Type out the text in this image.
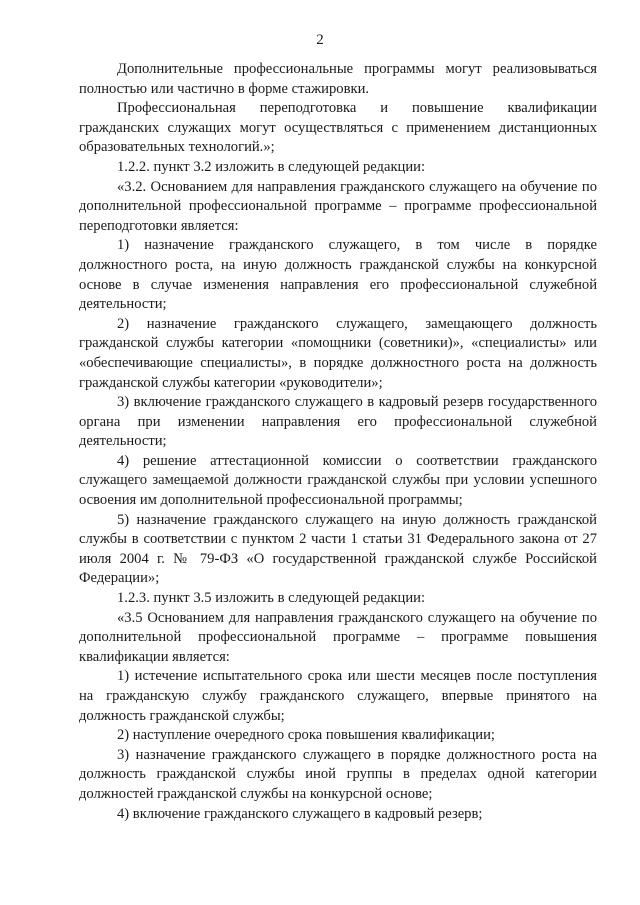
2

Дополнительные профессиональные программы могут реализовываться полностью или частично в форме стажировки.

Профессиональная переподготовка и повышение квалификации гражданских служащих могут осуществляться с применением дистанционных образовательных технологий.»;

1.2.2. пункт 3.2 изложить в следующей редакции:

«3.2. Основанием для направления гражданского служащего на обучение по дополнительной профессиональной программе – программе профессиональной переподготовки является:

1) назначение гражданского служащего, в том числе в порядке должностного роста, на иную должность гражданской службы на конкурсной основе в случае изменения направления его профессиональной служебной деятельности;

2) назначение гражданского служащего, замещающего должность гражданской службы категории «помощники (советники)», «специалисты» или «обеспечивающие специалисты», в порядке должностного роста на должность гражданской службы категории «руководители»;

3) включение гражданского служащего в кадровый резерв государственного органа при изменении направления его профессиональной служебной деятельности;

4) решение аттестационной комиссии о соответствии гражданского служащего замещаемой должности гражданской службы при условии успешного освоения им дополнительной профессиональной программы;

5) назначение гражданского служащего на иную должность гражданской службы в соответствии с пунктом 2 части 1 статьи 31 Федерального закона от 27 июля 2004 г. № 79-ФЗ «О государственной гражданской службе Российской Федерации»;

1.2.3. пункт 3.5 изложить в следующей редакции:

«3.5 Основанием для направления гражданского служащего на обучение по дополнительной профессиональной программе – программе повышения квалификации является:

1) истечение испытательного срока или шести месяцев после поступления на гражданскую службу гражданского служащего, впервые принятого на должность гражданской службы;

2) наступление очередного срока повышения квалификации;

3) назначение гражданского служащего в порядке должностного роста на должность гражданской службы иной группы в пределах одной категории должностей гражданской службы на конкурсной основе;

4) включение гражданского служащего в кадровый резерв;
